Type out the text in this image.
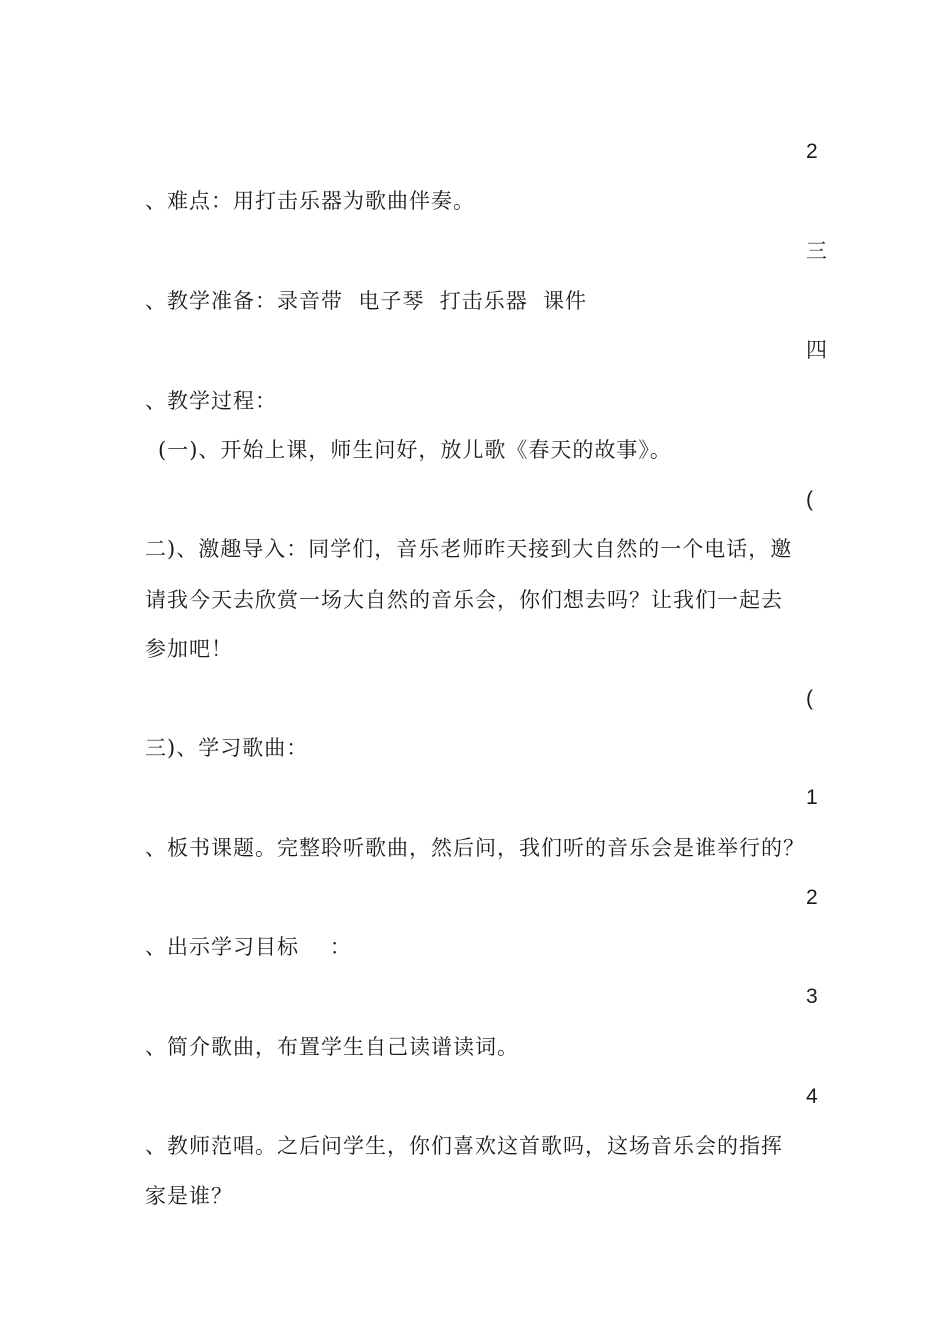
2
、难点：用打击乐器为歌曲伴奏。
三
、教学准备：录音带  电子琴  打击乐器  课件
四
、教学过程：
(一)、开始上课，师生问好，放儿歌《春天的故事》。
(
二)、激趣导入：同学们，音乐老师昨天接到大自然的一个电话，邀
请我今天去欣赏一场大自然的音乐会，你们想去吗？让我们一起去
参加吧！
(
三)、学习歌曲：
1
、板书课题。完整聆听歌曲，然后问，我们听的音乐会是谁举行的？
2
、出示学习目标    ：
3
、简介歌曲，布置学生自己读谱读词。
4
、教师范唱。之后问学生，你们喜欢这首歌吗，这场音乐会的指挥
家是谁？
